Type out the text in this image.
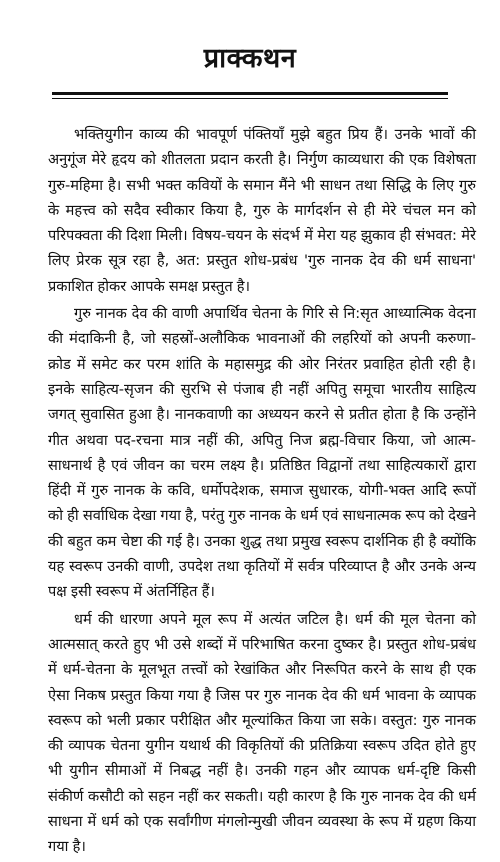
प्राक्कथन

भक्तियुगीन काव्य की भावपूर्ण पंक्तियाँ मुझे बहुत प्रिय हैं। उनके भावों की अनुगूंज मेरे हृदय को शीतलता प्रदान करती है। निर्गुण काव्यधारा की एक विशेषता गुरु-महिमा है। सभी भक्त कवियों के समान मैंने भी साधन तथा सिद्धि के लिए गुरु के महत्त्व को सदैव स्वीकार किया है, गुरु के मार्गदर्शन से ही मेरे चंचल मन को परिपक्वता की दिशा मिली। विषय-चयन के संदर्भ में मेरा यह झुकाव ही संभवत: मेरे लिए प्रेरक सूत्र रहा है, अत: प्रस्तुत शोध-प्रबंध 'गुरु नानक देव की धर्म साधना' प्रकाशित होकर आपके समक्ष प्रस्तुत है।

गुरु नानक देव की वाणी अपार्थिव चेतना के गिरि से नि:सृत आध्यात्मिक वेदना की मंदाकिनी है, जो सहस्रों-अलौकिक भावनाओं की लहरियों को अपनी करुणा-क्रोड में समेट कर परम शांति के महासमुद्र की ओर निरंतर प्रवाहित होती रही है। इनके साहित्य-सृजन की सुरभि से पंजाब ही नहीं अपितु समूचा भारतीय साहित्य जगत् सुवासित हुआ है। नानकवाणी का अध्ययन करने से प्रतीत होता है कि उन्होंने गीत अथवा पद-रचना मात्र नहीं की, अपितु निज ब्रह्म-विचार किया, जो आत्म-साधनार्थ है एवं जीवन का चरम लक्ष्य है। प्रतिष्ठित विद्वानों तथा साहित्यकारों द्वारा हिंदी में गुरु नानक के कवि, धर्मोपदेशक, समाज सुधारक, योगी-भक्त आदि रूपों को ही सर्वाधिक देखा गया है, परंतु गुरु नानक के धर्म एवं साधनात्मक रूप को देखने की बहुत कम चेष्टा की गई है। उनका शुद्ध तथा प्रमुख स्वरूप दार्शनिक ही है क्योंकि यह स्वरूप उनकी वाणी, उपदेश तथा कृतियों में सर्वत्र परिव्याप्त है और उनके अन्य पक्ष इसी स्वरूप में अंतर्निहित हैं।

धर्म की धारणा अपने मूल रूप में अत्यंत जटिल है। धर्म की मूल चेतना को आत्मसात् करते हुए भी उसे शब्दों में परिभाषित करना दुष्कर है। प्रस्तुत शोध-प्रबंध में धर्म-चेतना के मूलभूत तत्त्वों को रेखांकित और निरूपित करने के साथ ही एक ऐसा निकष प्रस्तुत किया गया है जिस पर गुरु नानक देव की धर्म भावना के व्यापक स्वरूप को भली प्रकार परीक्षित और मूल्यांकित किया जा सके। वस्तुत: गुरु नानक की व्यापक चेतना युगीन यथार्थ की विकृतियों की प्रतिक्रिया स्वरूप उदित होते हुए भी युगीन सीमाओं में निबद्ध नहीं है। उनकी गहन और व्यापक धर्म-दृष्टि किसी संकीर्ण कसौटी को सहन नहीं कर सकती। यही कारण है कि गुरु नानक देव की धर्म साधना में धर्म को एक सर्वांगीण मंगलोन्मुखी जीवन व्यवस्था के रूप में ग्रहण किया गया है।
